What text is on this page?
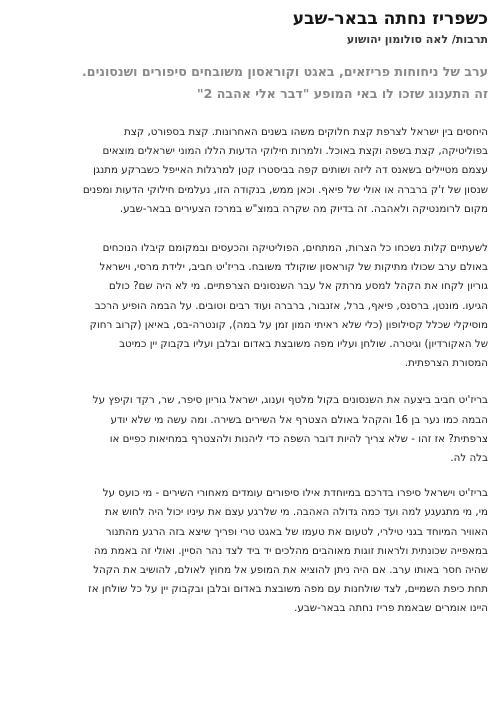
כשפריז נחתה בבאר-שבע
תרבות/ לאה סולומון יהושוע
ערב של ניחוחות פריזאים, באגט וקוראסון משובחים סיפורים ושנסונים.
זה התענוג שזכו לו באי המופע "דבר אלי אהבה 2"
היחסים בין ישראל לצרפת קצת חלוקים משהו בשנים האחרונות. קצת בספורט, קצת
בפוליטיקה, קצת בשפה וקצת באוכל. ולמרות חילוקי הדעות הללו המוני ישראלים מוצאים
עצמם מטיילים בשאנס דה ליזה ושותים קפה בביסטרו קטן למרגלות האייפל כשברקע מתנגן
שנסון של ז'ק ברברה או אולי של פיאף. וכאן ממש, בנקודה הזו, נעלמים חילוקי הדעות ומפנים
מקום לרומנטיקה ולאהבה. זה בדיוק מה שקרה במוצ"ש במרכז הצעירים בבאר-שבע.
לשעתיים קלות נשכחו כל הצרות, המתחים, הפוליטיקה והכעסים ובמקומם קיבלו הנוכחים
באולם ערב שכולו מתיקות של קוראסון שוקולד משובח. בריז'יט חביב, ילידת מרסי, וישראל
גוריון לקחו את הקהל למסע מרתק אל עבר השנסונים הצרפתיים. מי לא היה שם? כולם
הגיעו. מונטן, ברסנס, פיאף, ברל, אזנבור, ברברה ועוד רבים וטובים. על הבמה הופיע הרכב
מוסיקלי שכלל קסילופון (כלי שלא ראיתי המון זמן על במה), קונטרה-בס, באיאן (קרוב רחוק
של האקורדיון) וגיטרה. שולחן ועליו מפה משובצת באדום ובלבן ועליו בקבוק יין כמיטב
המסורת הצרפתית.
בריז'יט חביב ביצעה את השנסונים בקול מלטף וענוג, ישראל גוריון סיפר, שר, רקד וקיפץ על
הבמה כמו נער בן 16 והקהל באולם הצטרף אל השירים בשירה. ומה עשה מי שלא יודע
צרפתית? אז זהו - שלא צריך להיות דובר השפה כדי ליהנות ולהצטרף במחיאות כפיים או
בלה לה.
בריז'יט וישראל סיפרו בדרכם במיוחדת אילו סיפורים עומדים מאחורי השירים - מי כועס על
מי, מי מתגעגע למה ועד כמה גדולה האהבה. מי שלרגע עצם את עיניו יכול היה לחוש את
האוויר המיוחד בגני טילרי, לטעום את טעמו של באגט טרי ופריך שיצא בזה הרגע מהתנור
במאפייה שכונתית ולראות זוגות מאוהבים מהלכים יד ביד לצד נהר הסיין. ואולי זה באמת מה
שהיה חסר באותו ערב. אם היה ניתן להוציא את המופע אל מחוץ לאולם, להושיב את הקהל
תחת כיפת השמיים, לצד שולחנות עם מפה משובצת באדום ובלבן ובקבוק יין על כל שולחן אז
היינו אומרים שבאמת פריז נחתה בבאר-שבע.
